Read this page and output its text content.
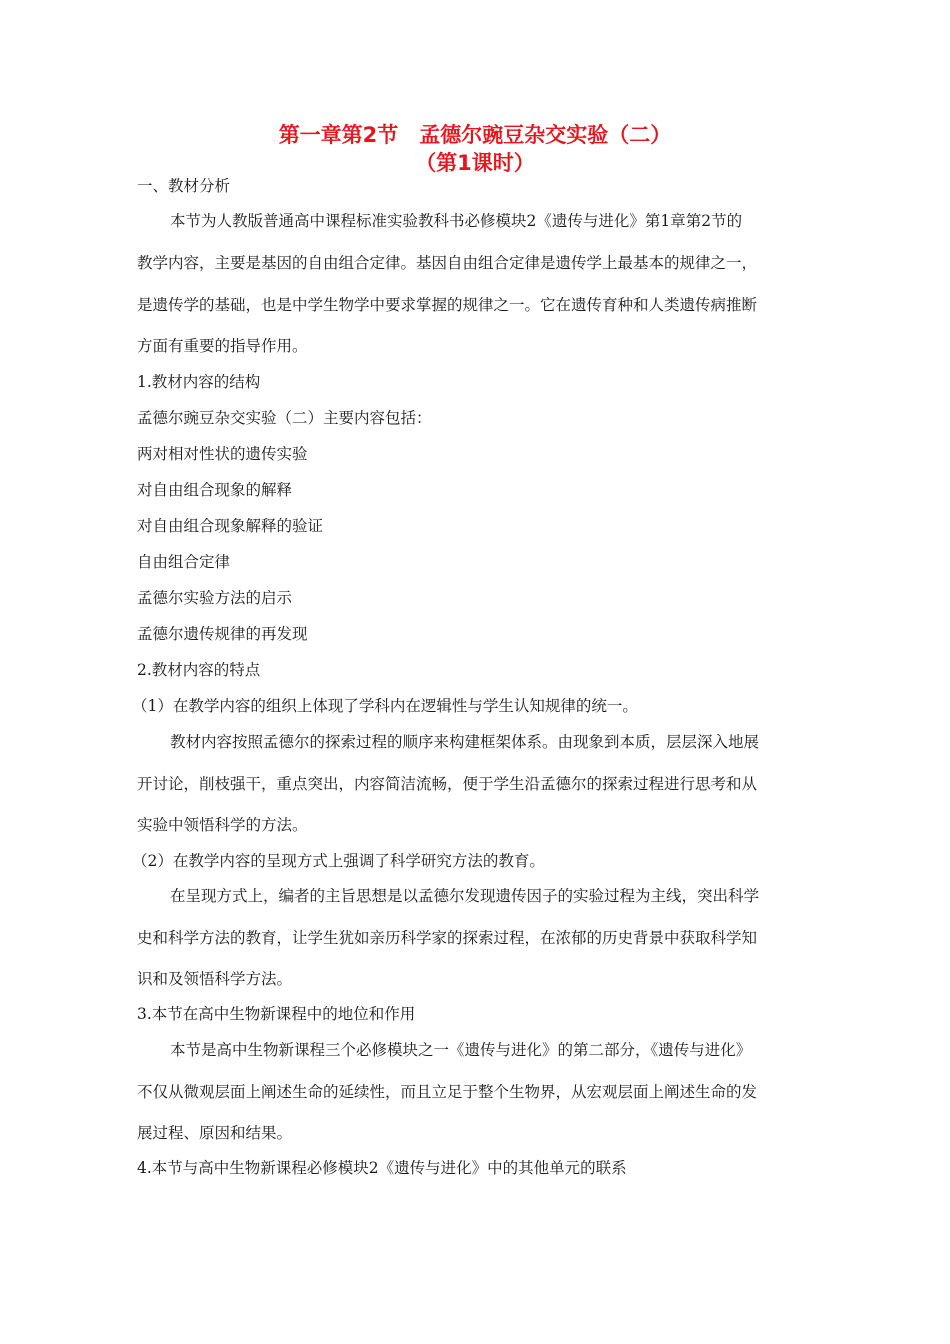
第一章第2节　孟德尔豌豆杂交实验（二）
（第1课时）
一、教材分析
本节为人教版普通高中课程标准实验教科书必修模块2《遗传与进化》第1章第2节的
教学内容，主要是基因的自由组合定律。基因自由组合定律是遗传学上最基本的规律之一，
是遗传学的基础，也是中学生物学中要求掌握的规律之一。它在遗传育种和人类遗传病推断
方面有重要的指导作用。
1.教材内容的结构
孟德尔豌豆杂交实验（二）主要内容包括：
两对相对性状的遗传实验
对自由组合现象的解释
对自由组合现象解释的验证
自由组合定律
孟德尔实验方法的启示
孟德尔遗传规律的再发现
2.教材内容的特点
（1）在教学内容的组织上体现了学科内在逻辑性与学生认知规律的统一。
教材内容按照孟德尔的探索过程的顺序来构建框架体系。由现象到本质，层层深入地展
开讨论，削枝强干，重点突出，内容简洁流畅，便于学生沿孟德尔的探索过程进行思考和从
实验中领悟科学的方法。
（2）在教学内容的呈现方式上强调了科学研究方法的教育。
在呈现方式上，编者的主旨思想是以孟德尔发现遗传因子的实验过程为主线，突出科学
史和科学方法的教育，让学生犹如亲历科学家的探索过程，在浓郁的历史背景中获取科学知
识和及领悟科学方法。
3.本节在高中生物新课程中的地位和作用
本节是高中生物新课程三个必修模块之一《遗传与进化》的第二部分，《遗传与进化》
不仅从微观层面上阐述生命的延续性，而且立足于整个生物界，从宏观层面上阐述生命的发
展过程、原因和结果。
4.本节与高中生物新课程必修模块2《遗传与进化》中的其他单元的联系
